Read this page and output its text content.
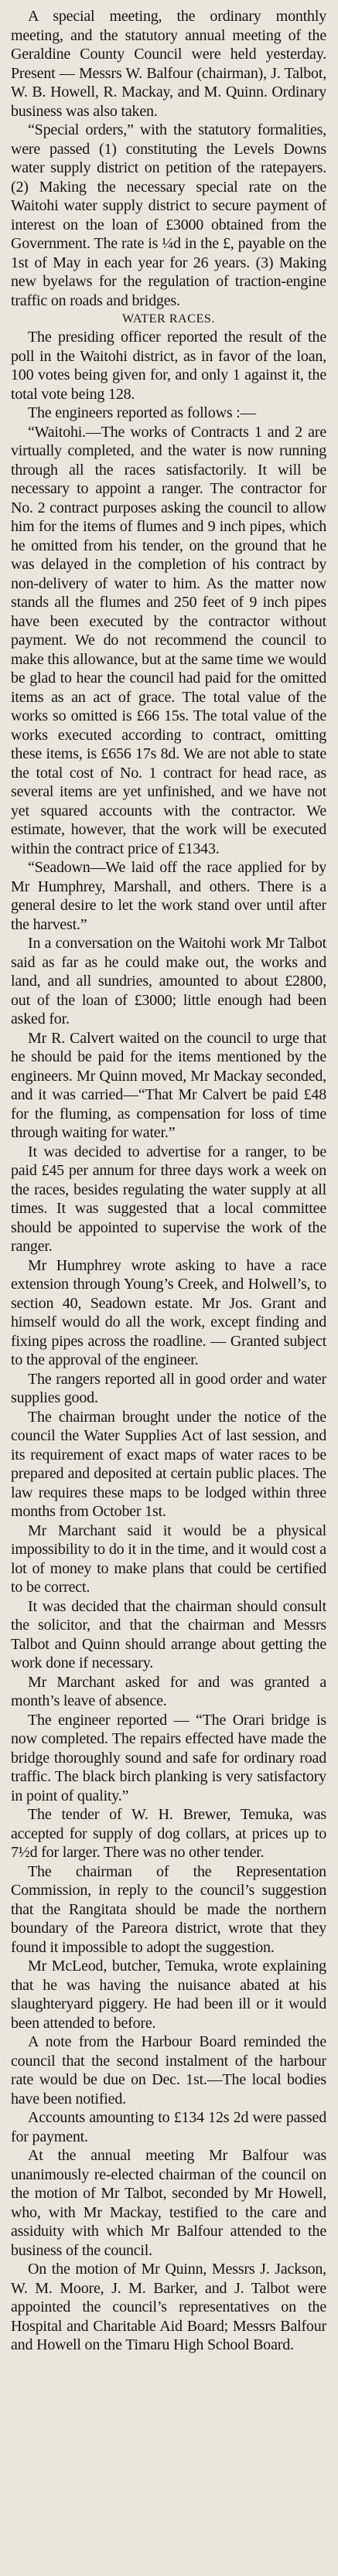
A special meeting, the ordinary monthly meeting, and the statutory annual meeting of the Geraldine County Council were held yesterday. Present — Messrs W. Balfour (chairman), J. Talbot, W. B. Howell, R. Mackay, and M. Quinn. Ordinary business was also taken.

“Special orders,” with the statutory formalities, were passed (1) constituting the Levels Downs water supply district on petition of the ratepayers. (2) Making the necessary special rate on the Waitohi water supply district to secure payment of interest on the loan of £3000 obtained from the Government. The rate is ¼d in the £, payable on the 1st of May in each year for 26 years. (3) Making new byelaws for the regulation of traction-engine traffic on roads and bridges.

WATER RACES.

The presiding officer reported the result of the poll in the Waitohi district, as in favor of the loan, 100 votes being given for, and only 1 against it, the total vote being 128.

The engineers reported as follows :—

“Waitohi.—The works of Contracts 1 and 2 are virtually completed, and the water is now running through all the races satisfactorily. It will be necessary to appoint a ranger. The contractor for No. 2 contract purposes asking the council to allow him for the items of flumes and 9 inch pipes, which he omitted from his tender, on the ground that he was delayed in the completion of his contract by non-delivery of water to him. As the matter now stands all the flumes and 250 feet of 9 inch pipes have been executed by the contractor without payment. We do not recommend the council to make this allowance, but at the same time we would be glad to hear the council had paid for the omitted items as an act of grace. The total value of the works so omitted is £66 15s. The total value of the works executed according to contract, omitting these items, is £656 17s 8d. We are not able to state the total cost of No. 1 contract for head race, as several items are yet unfinished, and we have not yet squared accounts with the contractor. We estimate, however, that the work will be executed within the contract price of £1343.

“Seadown—We laid off the race applied for by Mr Humphrey, Marshall, and others. There is a general desire to let the work stand over until after the harvest.”

In a conversation on the Waitohi work Mr Talbot said as far as he could make out, the works and land, and all sundries, amounted to about £2800, out of the loan of £3000; little enough had been asked for.

Mr R. Calvert waited on the council to urge that he should be paid for the items mentioned by the engineers. Mr Quinn moved, Mr Mackay seconded, and it was carried—“That Mr Calvert be paid £48 for the fluming, as compensation for loss of time through waiting for water.”

It was decided to advertise for a ranger, to be paid £45 per annum for three days work a week on the races, besides regulating the water supply at all times. It was suggested that a local committee should be appointed to supervise the work of the ranger.

Mr Humphrey wrote asking to have a race extension through Young’s Creek, and Holwell’s, to section 40, Seadown estate. Mr Jos. Grant and himself would do all the work, except finding and fixing pipes across the roadline. — Granted subject to the approval of the engineer.

The rangers reported all in good order and water supplies good.

The chairman brought under the notice of the council the Water Supplies Act of last session, and its requirement of exact maps of water races to be prepared and deposited at certain public places. The law requires these maps to be lodged within three months from October 1st.

Mr Marchant said it would be a physical impossibility to do it in the time, and it would cost a lot of money to make plans that could be certified to be correct.

It was decided that the chairman should consult the solicitor, and that the chairman and Messrs Talbot and Quinn should arrange about getting the work done if necessary.

Mr Marchant asked for and was granted a month’s leave of absence.

The engineer reported — “The Orari bridge is now completed. The repairs effected have made the bridge thoroughly sound and safe for ordinary road traffic. The black birch planking is very satisfactory in point of quality.”

The tender of W. H. Brewer, Temuka, was accepted for supply of dog collars, at prices up to 7½d for larger. There was no other tender.

The chairman of the Representation Commission, in reply to the council’s suggestion that the Rangitata should be made the northern boundary of the Pareora district, wrote that they found it impossible to adopt the suggestion.

Mr McLeod, butcher, Temuka, wrote explaining that he was having the nuisance abated at his slaughteryard piggery. He had been ill or it would been attended to before.

A note from the Harbour Board reminded the council that the second instalment of the harbour rate would be due on Dec. 1st.—The local bodies have been notified.

Accounts amounting to £134 12s 2d were passed for payment.

At the annual meeting Mr Balfour was unanimously re-elected chairman of the council on the motion of Mr Talbot, seconded by Mr Howell, who, with Mr Mackay, testified to the care and assiduity with which Mr Balfour attended to the business of the council.

On the motion of Mr Quinn, Messrs J. Jackson, W. M. Moore, J. M. Barker, and J. Talbot were appointed the council’s representatives on the Hospital and Charitable Aid Board; Messrs Balfour and Howell on the Timaru High School Board.
